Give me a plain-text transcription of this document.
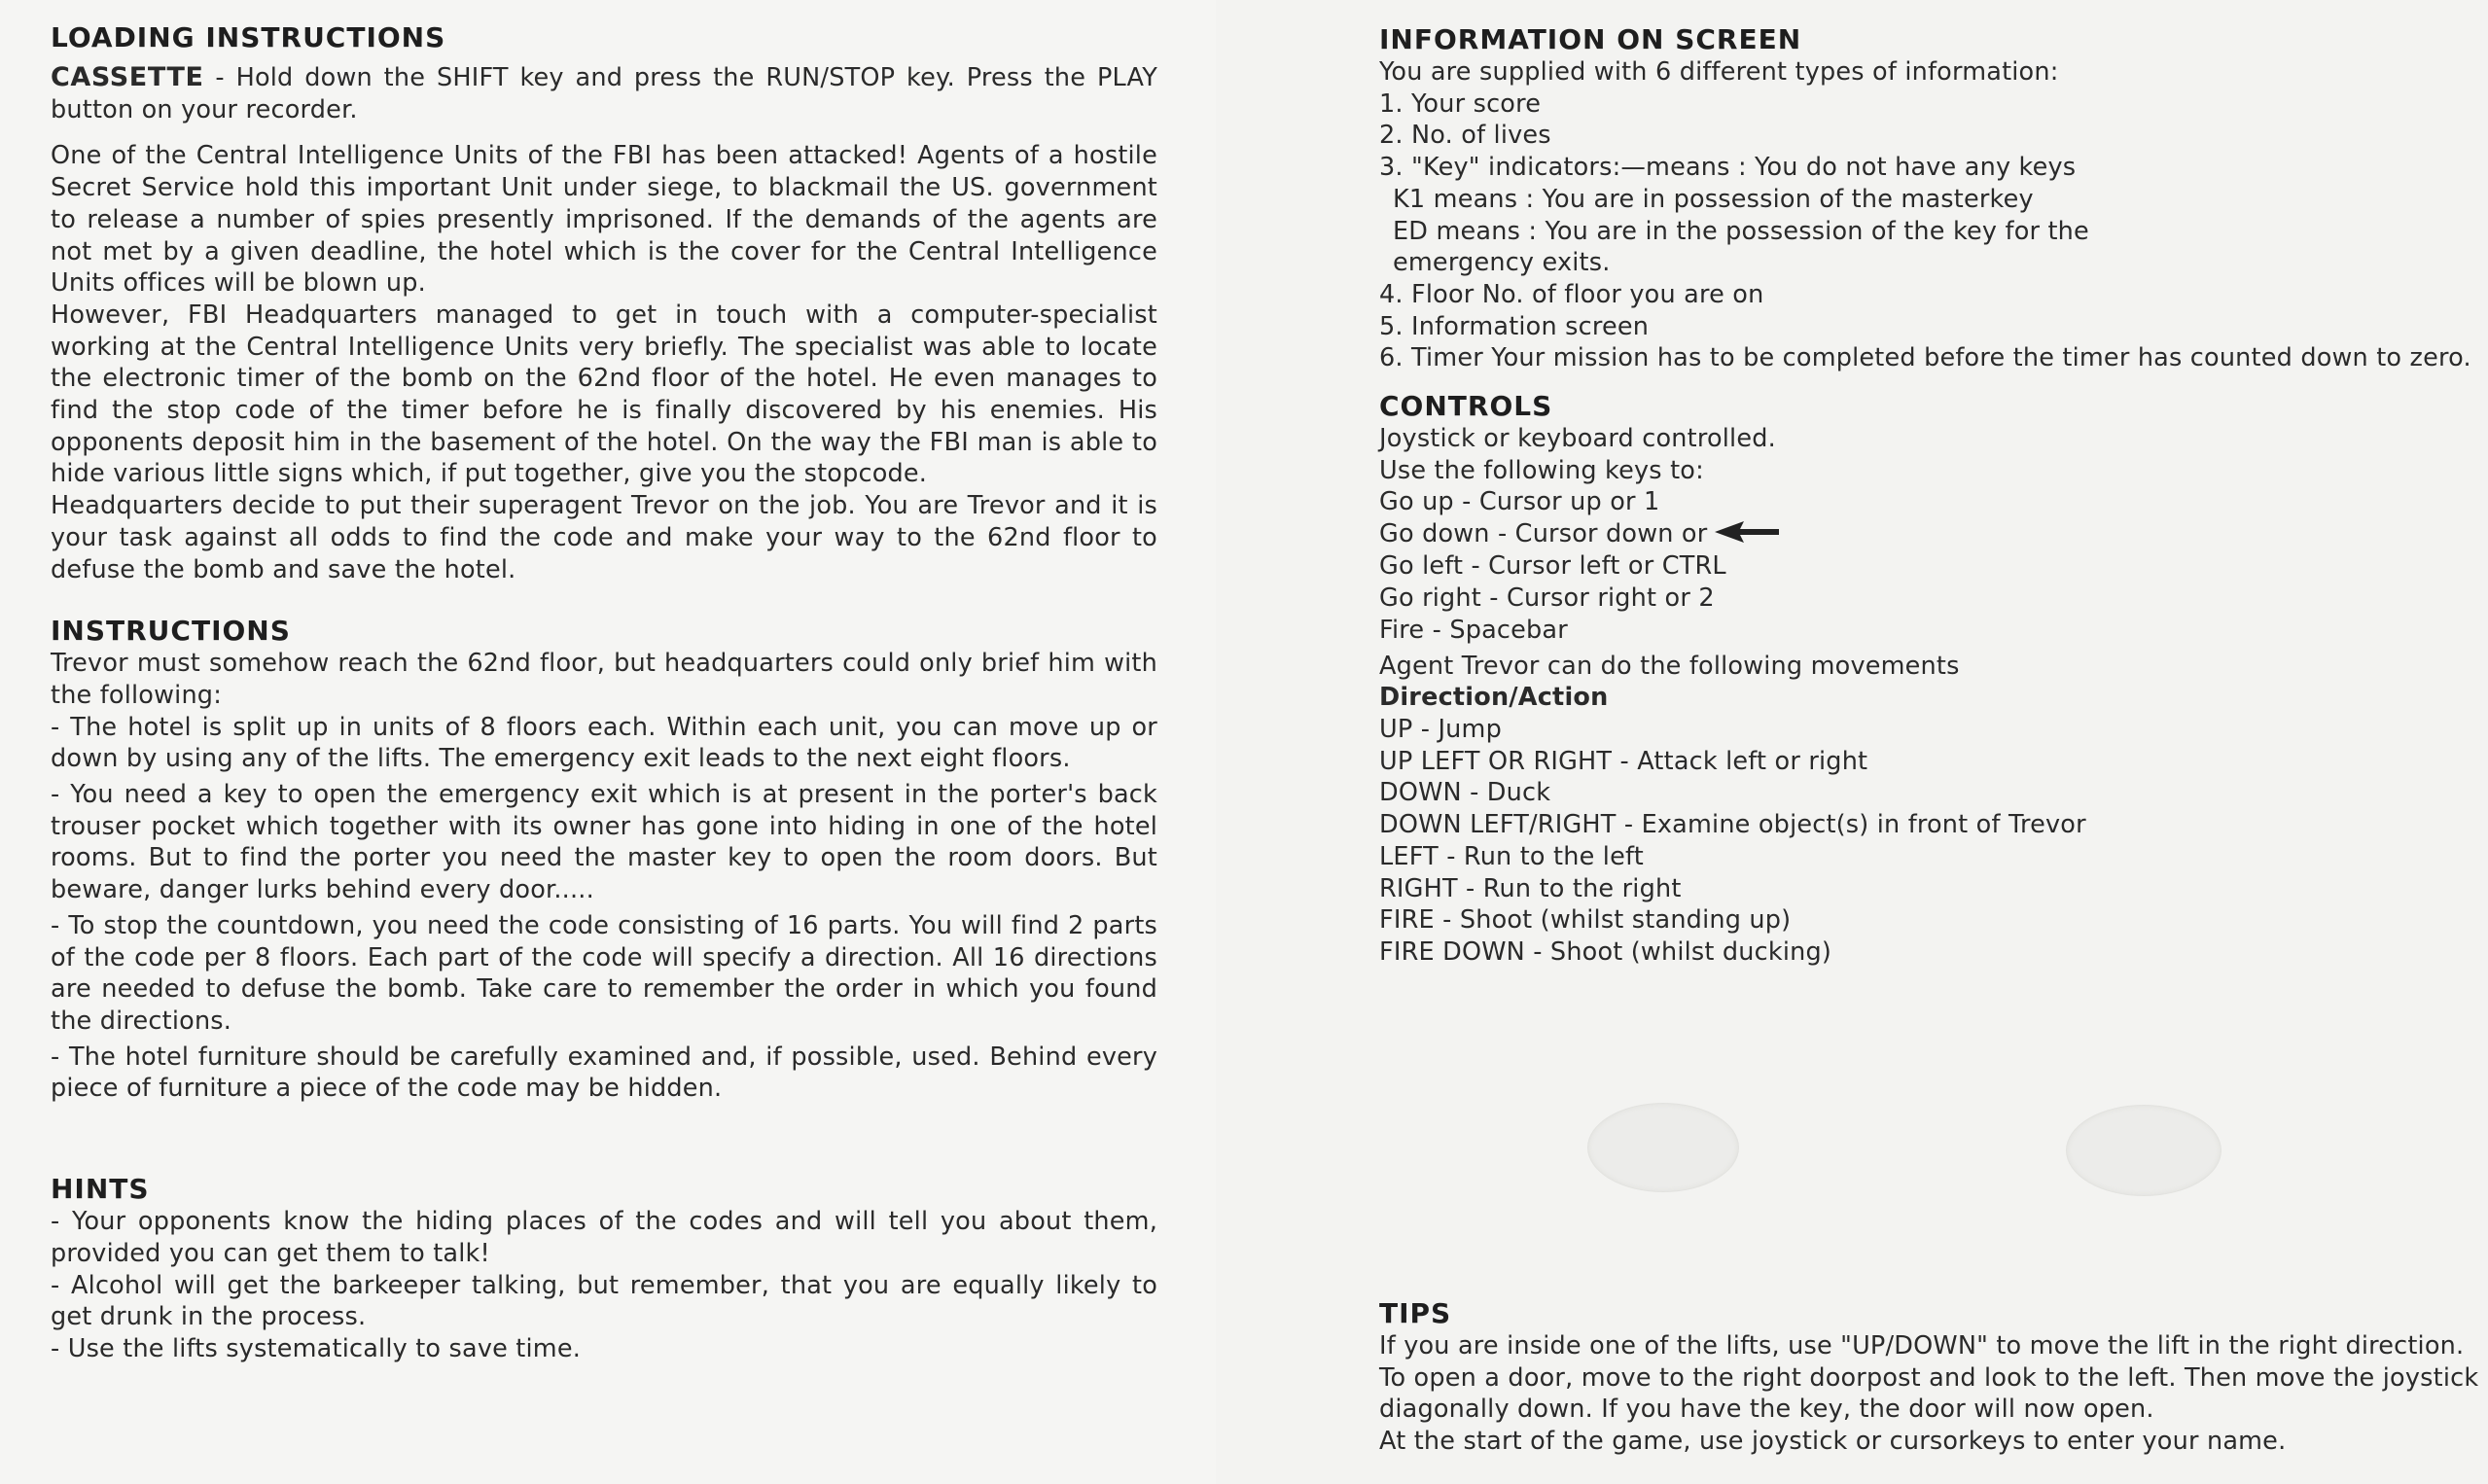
LOADING INSTRUCTIONS

CASSETTE - Hold down the SHIFT key and press the RUN/STOP key. Press the PLAY button on your recorder.

One of the Central Intelligence Units of the FBI has been attacked! Agents of a hostile Secret Service hold this important Unit under siege, to blackmail the US. government to release a number of spies presently imprisoned. If the demands of the agents are not met by a given deadline, the hotel which is the cover for the Central Intelligence Units offices will be blown up.

However, FBI Headquarters managed to get in touch with a computer-specialist working at the Central Intelligence Units very briefly. The specialist was able to locate the electronic timer of the bomb on the 62nd floor of the hotel. He even manages to find the stop code of the timer before he is finally discovered by his enemies. His opponents deposit him in the basement of the hotel. On the way the FBI man is able to hide various little signs which, if put together, give you the stopcode.

Headquarters decide to put their superagent Trevor on the job. You are Trevor and it is your task against all odds to find the code and make your way to the 62nd floor to defuse the bomb and save the hotel.

INSTRUCTIONS

Trevor must somehow reach the 62nd floor, but headquarters could only brief him with the following:

- The hotel is split up in units of 8 floors each. Within each unit, you can move up or down by using any of the lifts. The emergency exit leads to the next eight floors.

- You need a key to open the emergency exit which is at present in the porter's back trouser pocket which together with its owner has gone into hiding in one of the hotel rooms. But to find the porter you need the master key to open the room doors. But beware, danger lurks behind every door.....

- To stop the countdown, you need the code consisting of 16 parts. You will find 2 parts of the code per 8 floors. Each part of the code will specify a direction. All 16 directions are needed to defuse the bomb. Take care to remember the order in which you found the directions.

- The hotel furniture should be carefully examined and, if possible, used. Behind every piece of furniture a piece of the code may be hidden.

HINTS

- Your opponents know the hiding places of the codes and will tell you about them, provided you can get them to talk!

- Alcohol will get the barkeeper talking, but remember, that you are equally likely to get drunk in the process.

- Use the lifts systematically to save time.

INFORMATION ON SCREEN

You are supplied with 6 different types of information:

1. Your score

2. No. of lives

3. "Key" indicators:—means : You do not have any keys

K1 means : You are in possession of the masterkey

ED means : You are in the possession of the key for the

emergency exits.

4. Floor No. of floor you are on

5. Information screen

6. Timer Your mission has to be completed before the timer has counted down to zero.

CONTROLS

Joystick or keyboard controlled.

Use the following keys to:

Go up - Cursor up or 1

Go down - Cursor down or

Go left - Cursor left or CTRL

Go right - Cursor right or 2

Fire - Spacebar

Agent Trevor can do the following movements

Direction/Action

UP - Jump

UP LEFT OR RIGHT - Attack left or right

DOWN - Duck

DOWN LEFT/RIGHT - Examine object(s) in front of Trevor

LEFT - Run to the left

RIGHT - Run to the right

FIRE - Shoot (whilst standing up)

FIRE DOWN - Shoot (whilst ducking)

TIPS

If you are inside one of the lifts, use "UP/DOWN" to move the lift in the right direction.

To open a door, move to the right doorpost and look to the left. Then move the joystick diagonally down. If you have the key, the door will now open.

At the start of the game, use joystick or cursorkeys to enter your name.
